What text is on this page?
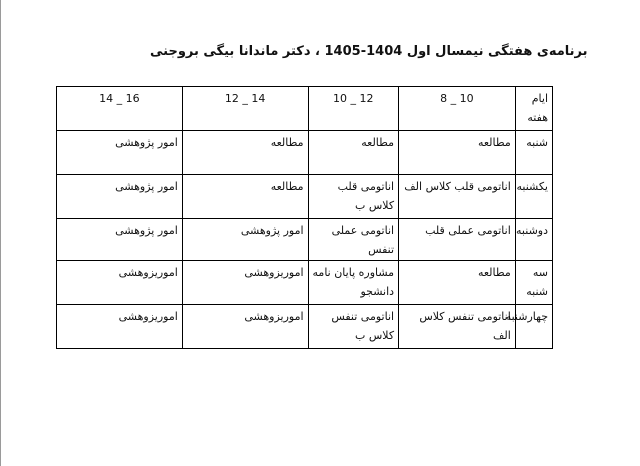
برنامه‌ی هفتگی نیمسال اول 1404-1405 ، دکتر ماندانا بیگی بروجنی
ایام هفته	10 _ 8	12 _ 10	14 _ 12	16 _ 14
شنبه	مطالعه	مطالعه	مطالعه	امور پژوهشی
یکشنبه	اناتومی قلب کلاس الف	اناتومی قلب کلاس ب	مطالعه	امور پژوهشی
دوشنبه	اناتومی عملی قلب	اناتومی عملی تنفس	امور پژوهشی	امور پژوهشی
سه شنبه	مطالعه	مشاوره پایان نامه دانشجو	اموریزوهشی	اموریزوهشی
چهارشنبه	اناتومی تنفس کلاس الف	اناتومی تنفس کلاس ب	اموریزوهشی	اموریزوهشی
